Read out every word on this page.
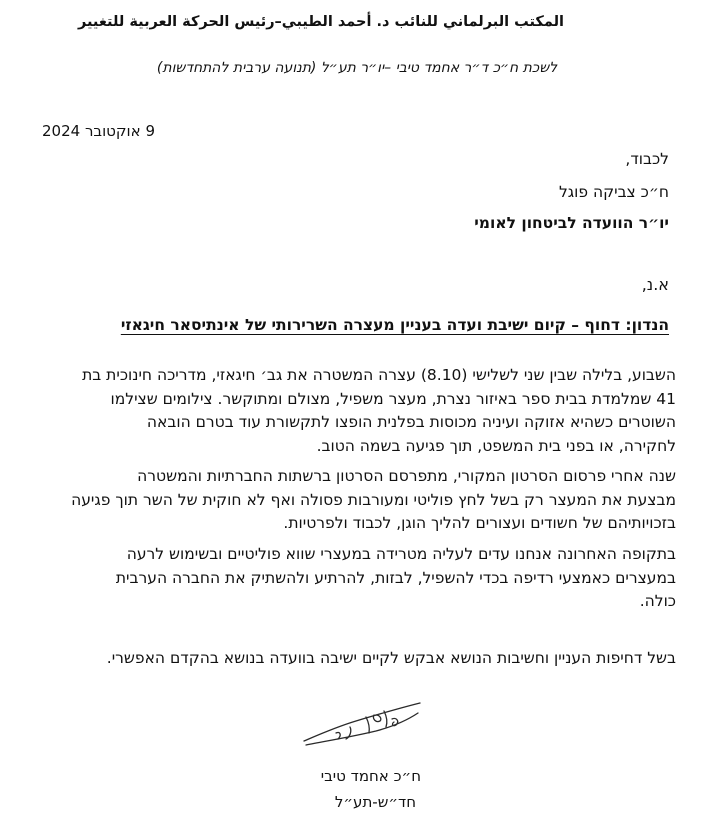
المكتب البرلماني للنائب د. أحمد الطيبي–رئيس الحركة العربية للتغيير
לשכת ח״כ ד״ר אחמד טיבי –יו״ר תע״ל (תנועה ערבית להתחדשות)
9 אוקטובר 2024
לכבוד,
ח״כ צביקה פוגל
יו״ר הוועדה לביטחון לאומי
א.נ,
הנדון: דחוף – קיום ישיבת ועדה בעניין מעצרה השרירותי של אינתיסאר חיגאזי
השבוע, בלילה שבין שני לשלישי (8.10) עצרה המשטרה את גב׳ חיגאזי, מדריכה חינוכית בת
41 שמלמדת בבית ספר באיזור נצרת, מעצר משפיל, מצולם ומתוקשר. צילומים שצילמו
השוטרים כשהיא אזוקה ועיניה מכוסות בפלנית הופצו לתקשורת עוד בטרם הובאה
לחקירה, או בפני בית המשפט, תוך פגיעה בשמה הטוב.
שנה אחרי פרסום הסרטון המקורי, מתפרסם הסרטון ברשתות החברתיות והמשטרה
מבצעת את המעצר רק בשל לחץ פוליטי ומעורבות פסולה ואף לא חוקית של השר תוך פגיעה
בזכויותיהם של חשודים ועצורים להליך הוגן, לכבוד ולפרטיות.
בתקופה האחרונה אנחנו עדים לעליה מטרידה במעצרי שווא פוליטיים ובשימוש לרעה
במעצרים כאמצעי רדיפה בכדי להשפיל, לבזות, להרתיע ולהשתיק את החברה הערבית
כולה.
בשל דחיפות העניין וחשיבות הנושא אבקש לקיים ישיבה בוועדה בנושא בהקדם האפשרי.
ח״כ אחמד טיבי
חד״ש-תע״ל
